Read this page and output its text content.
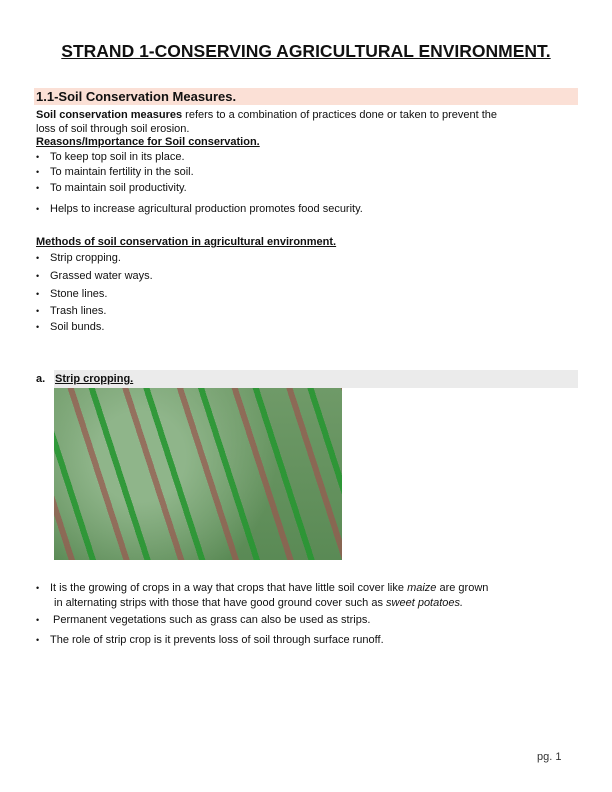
STRAND 1-CONSERVING AGRICULTURAL ENVIRONMENT.
1.1-Soil Conservation Measures.
Soil conservation measures refers to a combination of practices done or taken to prevent the
loss of soil through soil erosion.
Reasons/Importance for Soil conservation.
• To keep top soil in its place.
• To maintain fertility in the soil.
• To maintain soil productivity.
• Helps to increase agricultural production promotes food security.
Methods of soil conservation in agricultural environment.
• Strip cropping.
• Grassed water ways.
• Stone lines.
• Trash lines.
• Soil bunds.
a. Strip cropping.
• It is the growing of crops in a way that crops that have little soil cover like maize are grown
in alternating strips with those that have good ground cover such as sweet potatoes.
• Permanent vegetations such as grass can also be used as strips.
• The role of strip crop is it prevents loss of soil through surface runoff.
pg. 1
